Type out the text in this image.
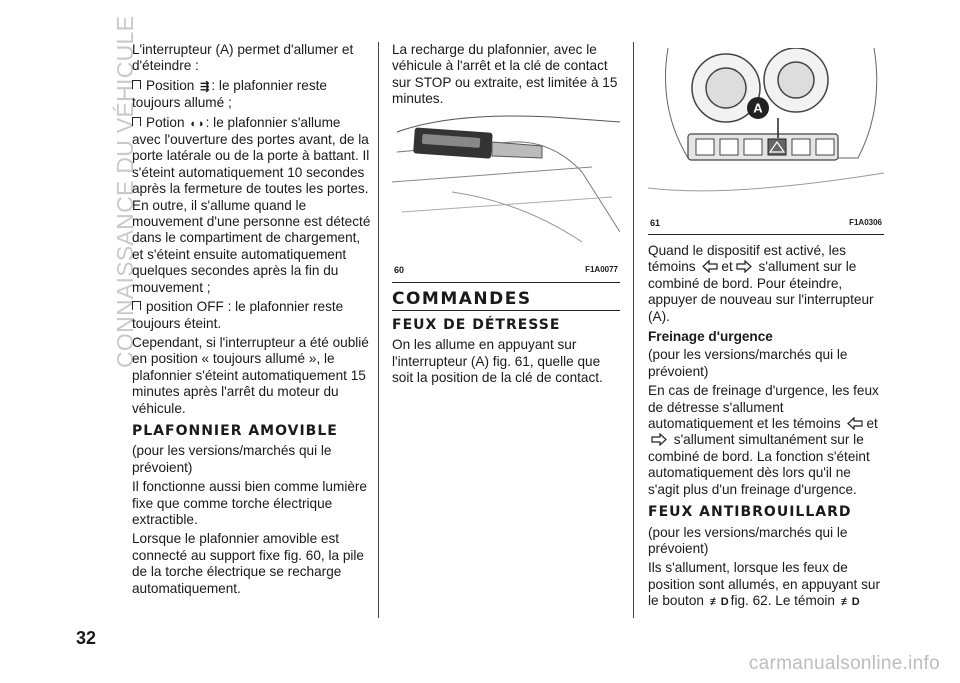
CONNAISSANCE DU VÉHICULE
32

L'interrupteur (A) permet d'allumer et d'éteindre :

Position ⇶ : le plafonnier reste toujours allumé ;

Potion ◐◑ : le plafonnier s'allume avec l'ouverture des portes avant, de la porte latérale ou de la porte à battant. Il s'éteint automatiquement 10 secondes après la fermeture de toutes les portes. En outre, il s'allume quand le mouvement d'une personne est détecté dans le compartiment de chargement, et s'éteint ensuite automatiquement quelques secondes après la fin du mouvement ;

position OFF : le plafonnier reste toujours éteint.

Cependant, si l'interrupteur a été oublié en position « toujours allumé », le plafonnier s'éteint automatiquement 15 minutes après l'arrêt du moteur du véhicule.

PLAFONNIER AMOVIBLE

(pour les versions/marchés qui le prévoient)

Il fonctionne aussi bien comme lumière fixe que comme torche électrique extractible.

Lorsque le plafonnier amovible est connecté au support fixe fig. 60, la pile de la torche électrique se recharge automatiquement.

La recharge du plafonnier, avec le véhicule à l'arrêt et la clé de contact sur STOP ou extraite, est limitée à 15 minutes.

60	F1A0077
COMMANDES
FEUX DE DÉTRESSE

On les allume en appuyant sur l'interrupteur (A) fig. 61, quelle que soit la position de la clé de contact.

A
61	F1A0306

Quand le dispositif est activé, les témoins et s'allument sur le combiné de bord. Pour éteindre, appuyer de nouveau sur l'interrupteur (A).

Freinage d'urgence

(pour les versions/marchés qui le prévoient)

En cas de freinage d'urgence, les feux de détresse s'allument automatiquement et les témoins et s'allument simultanément sur le combiné de bord. La fonction s'éteint automatiquement dès lors qu'il ne s'agit plus d'un freinage d'urgence.

FEUX ANTIBROUILLARD

(pour les versions/marchés qui le prévoient)

Ils s'allument, lorsque les feux de position sont allumés, en appuyant sur le bouton ≢D fig. 62. Le témoin ≢D

carmanualsonline.info
